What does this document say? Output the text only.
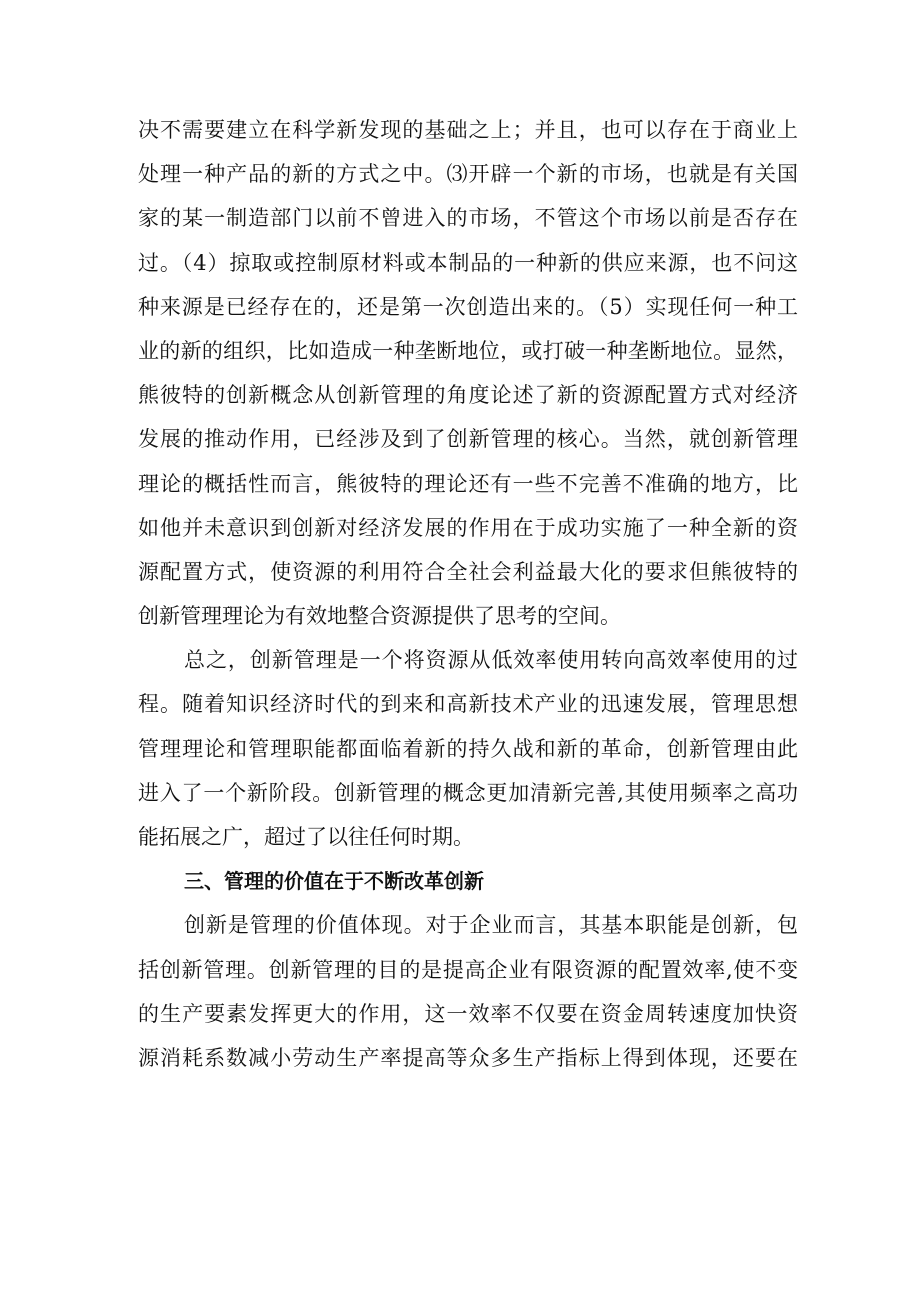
决不需要建立在科学新发现的基础之上；并且，也可以存在于商业上
处理一种产品的新的方式之中。⑶开辟一个新的市场，也就是有关国
家的某一制造部门以前不曾进入的市场，不管这个市场以前是否存在
过。（4）掠取或控制原材料或本制品的一种新的供应来源，也不问这
种来源是已经存在的，还是第一次创造出来的。（5）实现任何一种工
业的新的组织，比如造成一种垄断地位，或打破一种垄断地位。显然，
熊彼特的创新概念从创新管理的角度论述了新的资源配置方式对经济
发展的推动作用，已经涉及到了创新管理的核心。当然，就创新管理
理论的概括性而言，熊彼特的理论还有一些不完善不准确的地方，比
如他并未意识到创新对经济发展的作用在于成功实施了一种全新的资
源配置方式，使资源的利用符合全社会利益最大化的要求但熊彼特的
创新管理理论为有效地整合资源提供了思考的空间。
总之，创新管理是一个将资源从低效率使用转向高效率使用的过
程。随着知识经济时代的到来和高新技术产业的迅速发展，管理思想
管理理论和管理职能都面临着新的持久战和新的革命，创新管理由此
进入了一个新阶段。创新管理的概念更加清新完善,其使用频率之高功
能拓展之广，超过了以往任何时期。
三、管理的价值在于不断改革创新
创新是管理的价值体现。对于企业而言，其基本职能是创新，包
括创新管理。创新管理的目的是提高企业有限资源的配置效率,使不变
的生产要素发挥更大的作用，这一效率不仅要在资金周转速度加快资
源消耗系数减小劳动生产率提高等众多生产指标上得到体现，还要在
